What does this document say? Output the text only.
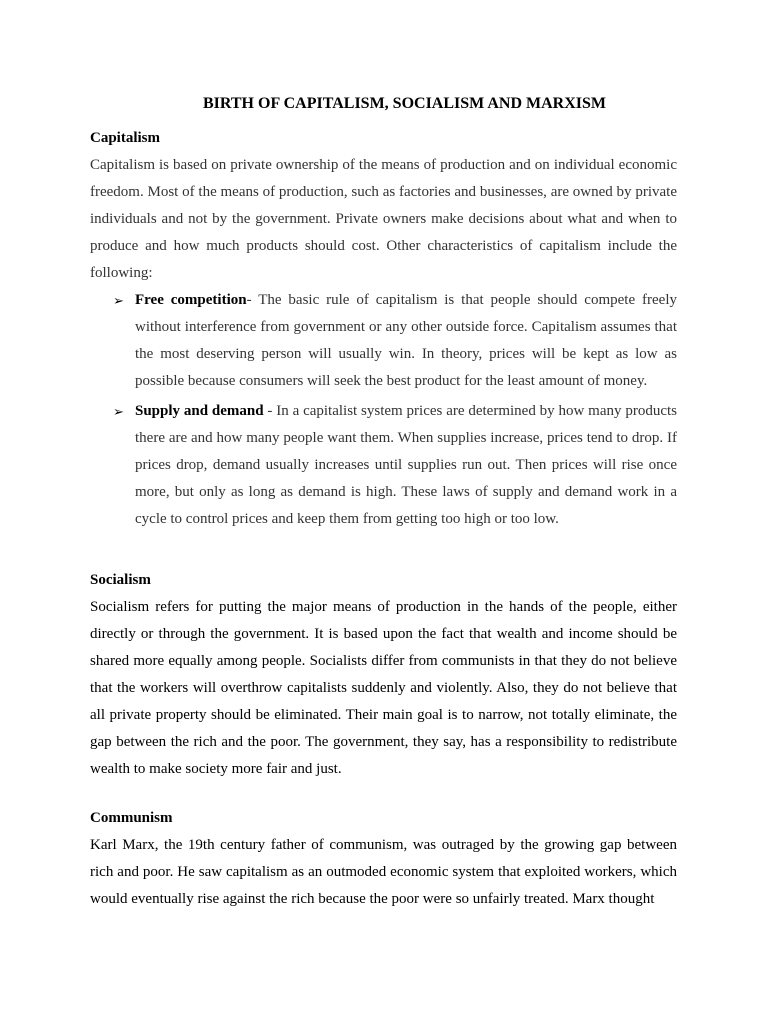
BIRTH OF CAPITALISM, SOCIALISM AND MARXISM
Capitalism

Capitalism is based on private ownership of the means of production and on individual economic freedom. Most of the means of production, such as factories and businesses, are owned by private individuals and not by the government. Private owners make decisions about what and when to produce and how much products should cost. Other characteristics of capitalism include the following:

➢ Free competition- The basic rule of capitalism is that people should compete freely without interference from government or any other outside force. Capitalism assumes that the most deserving person will usually win. In theory, prices will be kept as low as possible because consumers will seek the best product for the least amount of money.
➢ Supply and demand - In a capitalist system prices are determined by how many products there are and how many people want them. When supplies increase, prices tend to drop. If prices drop, demand usually increases until supplies run out. Then prices will rise once more, but only as long as demand is high. These laws of supply and demand work in a cycle to control prices and keep them from getting too high or too low.
Socialism

Socialism refers for putting the major means of production in the hands of the people, either directly or through the government. It is based upon the fact that wealth and income should be shared more equally among people. Socialists differ from communists in that they do not believe that the workers will overthrow capitalists suddenly and violently. Also, they do not believe that all private property should be eliminated. Their main goal is to narrow, not totally eliminate, the gap between the rich and the poor. The government, they say, has a responsibility to redistribute wealth to make society more fair and just.

Communism

Karl Marx, the 19th century father of communism, was outraged by the growing gap between rich and poor. He saw capitalism as an outmoded economic system that exploited workers, which would eventually rise against the rich because the poor were so unfairly treated. Marx thought
